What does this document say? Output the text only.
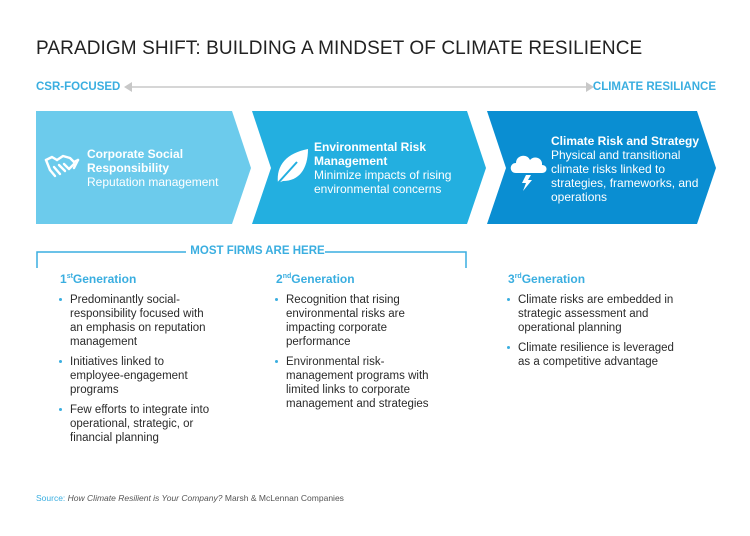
PARADIGM SHIFT: BUILDING A MINDSET OF CLIMATE RESILIENCE
CSR-FOCUSED	CLIMATE RESILIANCE
Corporate Social Responsibility
Reputation management
Environmental Risk Management
Minimize impacts of rising environmental concerns
Climate Risk and Strategy
Physical and transitional climate risks linked to strategies, frameworks, and operations
MOST FIRMS ARE HERE
1stGeneration
Predominantly social-responsibility focused with an emphasis on reputation management
Initiatives linked to employee-engagement programs
Few efforts to integrate into operational, strategic, or financial planning
2ndGeneration
Recognition that rising environmental risks are impacting corporate performance
Environmental risk-management programs with limited links to corporate management and strategies
3rdGeneration
Climate risks are embedded in strategic assessment and operational planning
Climate resilience is leveraged as a competitive advantage
Source: How Climate Resilient is Your Company? Marsh & McLennan Companies
